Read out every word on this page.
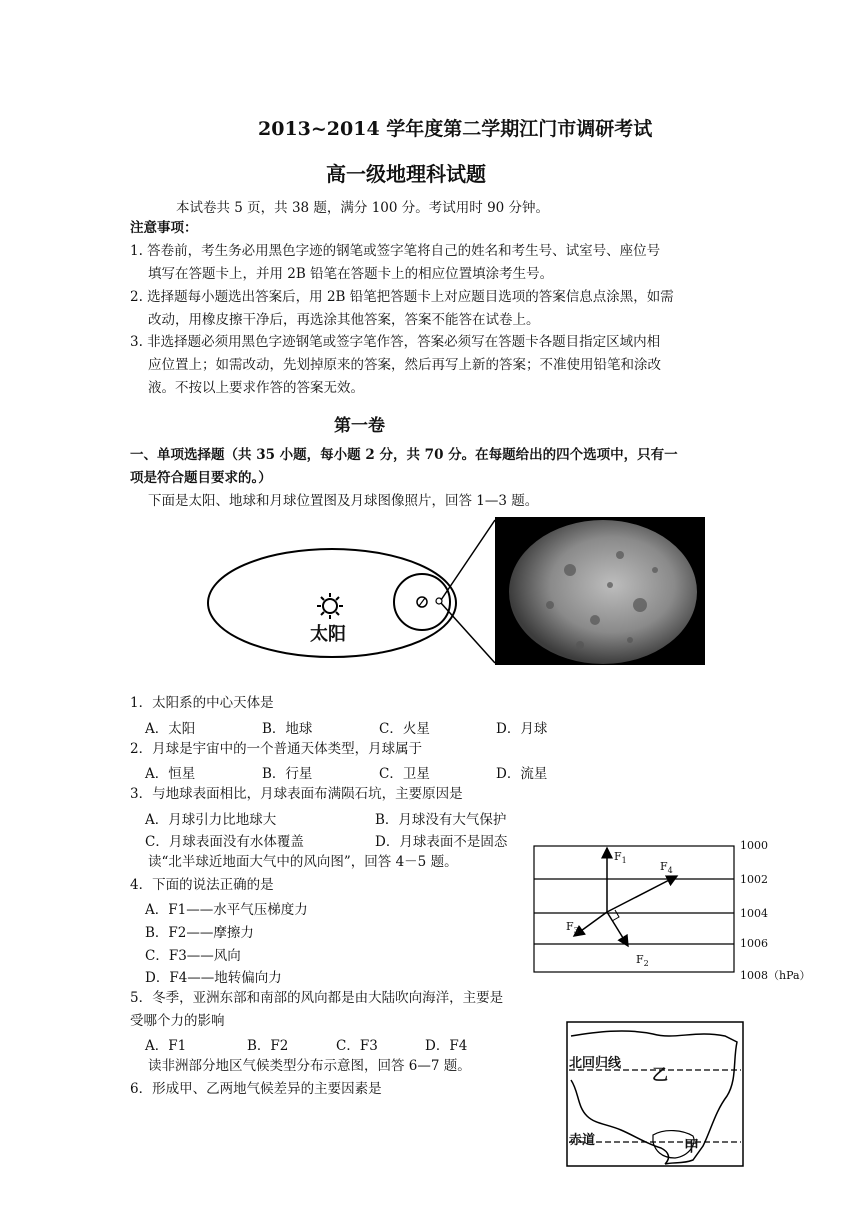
2013~2014 学年度第二学期江门市调研考试
高一级地理科试题
本试卷共 5 页，共 38 题，满分 100 分。考试用时 90 分钟。
注意事项：
1. 答卷前，考生务必用黑色字迹的钢笔或签字笔将自己的姓名和考生号、试室号、座位号
填写在答题卡上，并用 2B 铅笔在答题卡上的相应位置填涂考生号。
2. 选择题每小题选出答案后，用 2B 铅笔把答题卡上对应题目选项的答案信息点涂黑，如需
改动，用橡皮擦干净后，再选涂其他答案，答案不能答在试卷上。
3. 非选择题必须用黑色字迹钢笔或签字笔作答，答案必须写在答题卡各题目指定区域内相
应位置上；如需改动，先划掉原来的答案，然后再写上新的答案；不准使用铅笔和涂改
液。不按以上要求作答的答案无效。
第一卷
一、单项选择题（共 35 小题，每小题 2 分，共 70 分。在每题给出的四个选项中，只有一
项是符合题目要求的。）
下面是太阳、地球和月球位置图及月球图像照片，回答 1—3 题。
太阳
1．太阳系的中心天体是
A．太阳	B．地球	C．火星	D．月球
2．月球是宇宙中的一个普通天体类型，月球属于
A．恒星	B．行星	C．卫星	D．流星
3．与地球表面相比，月球表面布满陨石坑，主要原因是
A．月球引力比地球大	B．月球没有大气保护
C．月球表面没有水体覆盖	D．月球表面不是固态
读“北半球近地面大气中的风向图”，回答 4－5 题。
4．下面的说法正确的是
A．F1——水平气压梯度力
B．F2——摩擦力
C．F3——风向
D．F4——地转偏向力
$F_1$	$F_4$
$F_3$
$F_2$
1000
1002
1004
1006
1008（hPa）
5．冬季，亚洲东部和南部的风向都是由大陆吹向海洋，主要是
受哪个力的影响
A．F1	B．F2	C．F3	D．F4
读非洲部分地区气候类型分布示意图，回答 6—7 题。
6．形成甲、乙两地气候差异的主要因素是
北回归线
赤道
乙
甲
